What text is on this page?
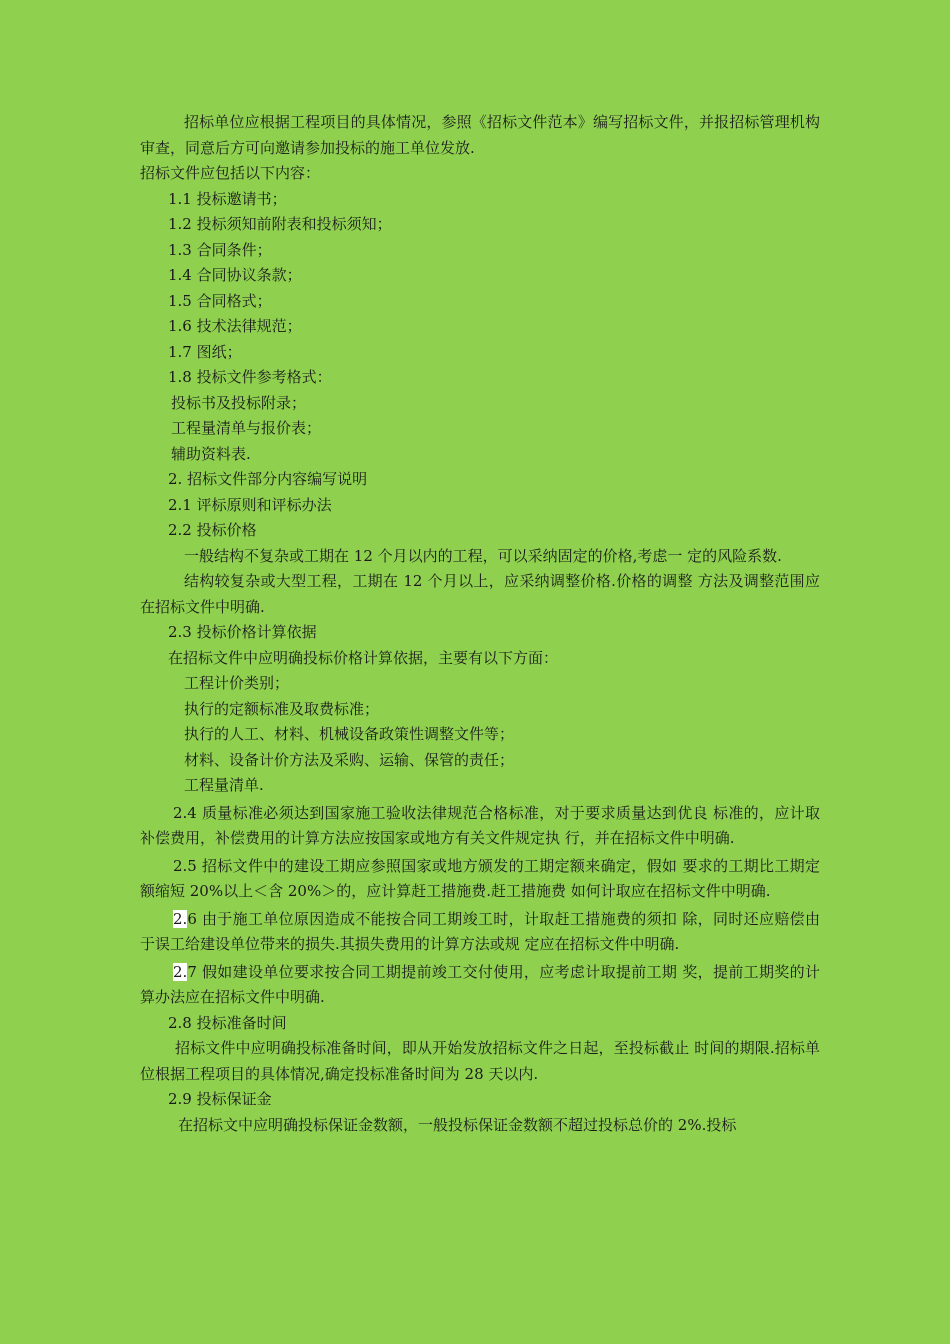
招标单位应根据工程项目的具体情况，参照《招标文件范本》编写招标文件，并报招标管理机构审查，同意后方可向邀请参加投标的施工单位发放.

招标文件应包括以下内容：

1.1 投标邀请书；

1.2 投标须知前附表和投标须知；

1.3 合同条件；

1.4 合同协议条款；

1.5 合同格式；

1.6 技术法律规范；

1.7 图纸；

1.8 投标文件参考格式：

投标书及投标附录；

工程量清单与报价表；

辅助资料表.

2. 招标文件部分内容编写说明

2.1 评标原则和评标办法

2.2 投标价格

一般结构不复杂或工期在 12 个月以内的工程，可以采纳固定的价格,考虑一 定的风险系数.

结构较复杂或大型工程，工期在 12 个月以上，应采纳调整价格.价格的调整 方法及调整范围应在招标文件中明确.

2.3 投标价格计算依据

在招标文件中应明确投标价格计算依据，主要有以下方面：

工程计价类别；

执行的定额标准及取费标准；

执行的人工、材料、机械设备政策性调整文件等；

材料、设备计价方法及采购、运输、保管的责任；

工程量清单.

2.4 质量标准必须达到国家施工验收法律规范合格标准，对于要求质量达到优良 标准的，应计取补偿费用，补偿费用的计算方法应按国家或地方有关文件规定执 行，并在招标文件中明确.

2.5 招标文件中的建设工期应参照国家或地方颁发的工期定额来确定，假如 要求的工期比工期定额缩短 20%以上＜含 20%＞的，应计算赶工措施费.赶工措施费 如何计取应在招标文件中明确.

2.6 由于施工单位原因造成不能按合同工期竣工时，计取赶工措施费的须扣 除，同时还应赔偿由于误工给建设单位带来的损失.其损失费用的计算方法或规 定应在招标文件中明确.

2.7 假如建设单位要求按合同工期提前竣工交付使用，应考虑计取提前工期 奖，提前工期奖的计算办法应在招标文件中明确.

2.8 投标准备时间

招标文件中应明确投标准备时间，即从开始发放招标文件之日起，至投标截止 时间的期限.招标单位根据工程项目的具体情况,确定投标准备时间为 28 天以内.

2.9 投标保证金

在招标文中应明确投标保证金数额，一般投标保证金数额不超过投标总价的 2%.投标
